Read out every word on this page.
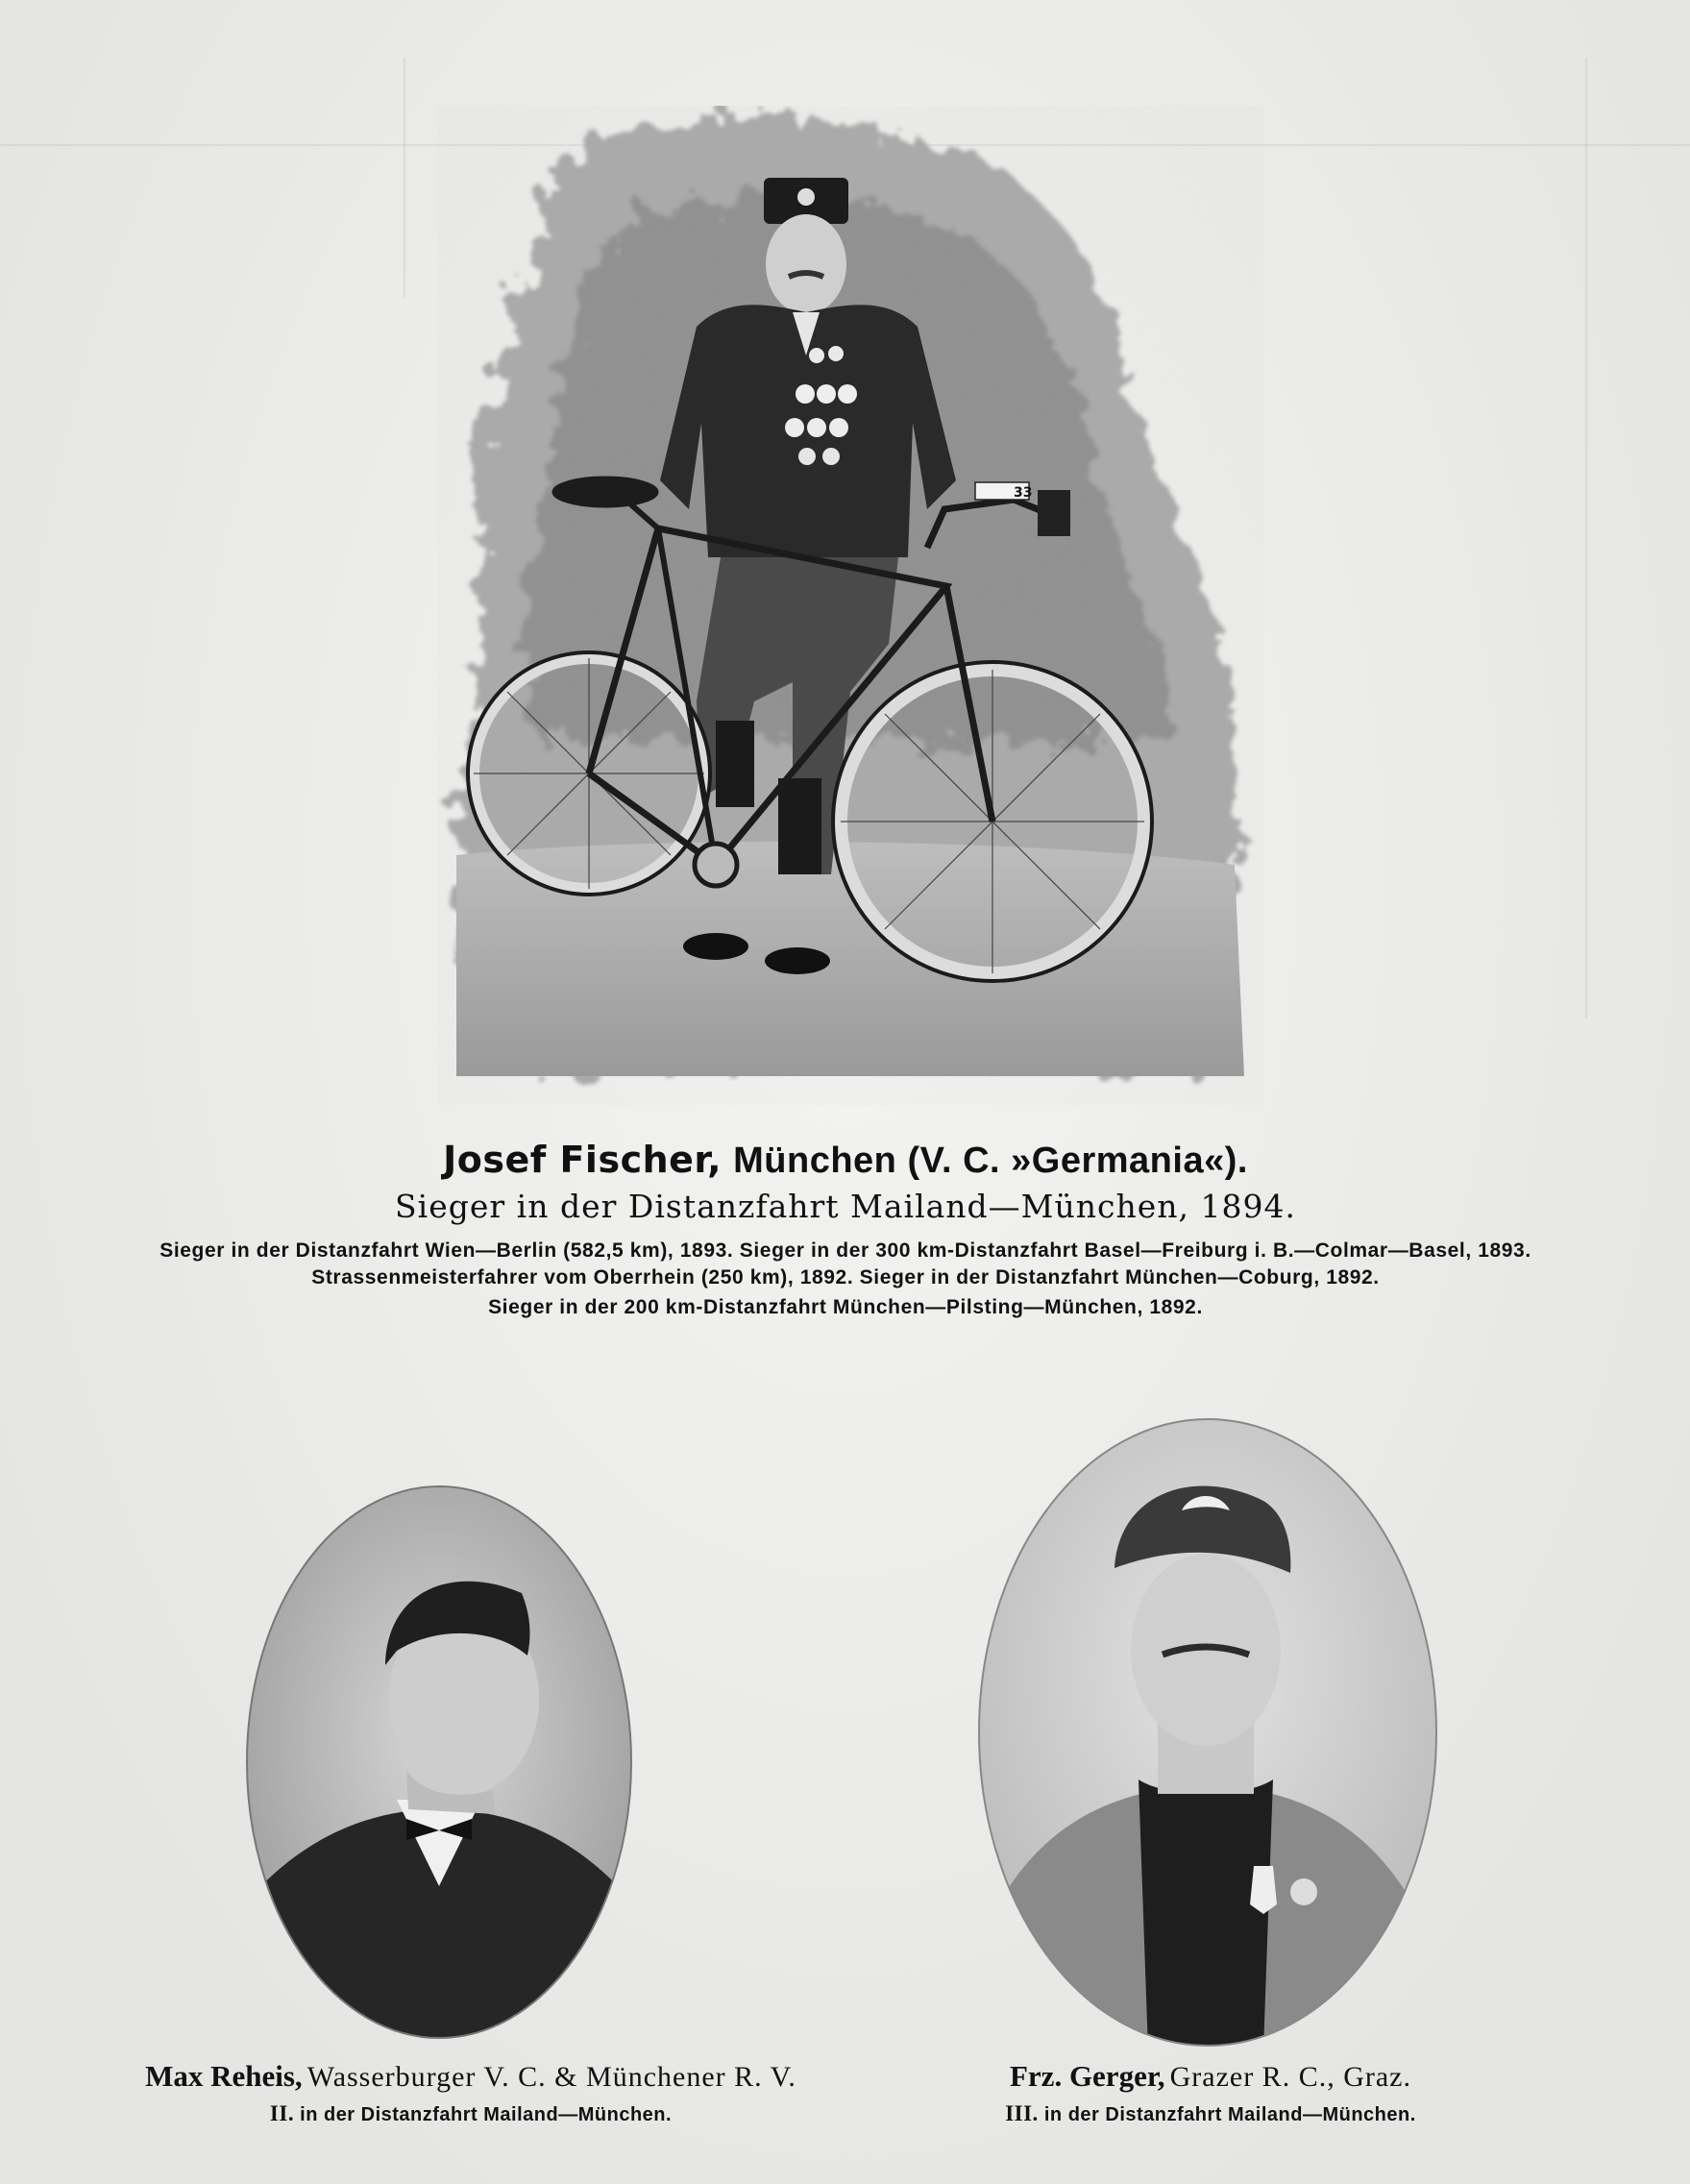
33
Josef Fischer, München (V. C. »Germania«).
Sieger in der Distanzfahrt Mailand—München, 1894.
Sieger in der Distanzfahrt Wien—Berlin (582,5 km), 1893. Sieger in der 300 km-Distanzfahrt Basel—Freiburg i. B.—Colmar—Basel, 1893.
Strassenmeisterfahrer vom Oberrhein (250 km), 1892. Sieger in der Distanzfahrt München—Coburg, 1892.
Sieger in der 200 km-Distanzfahrt München—Pilsting—München, 1892.
Max Reheis, Wasserburger V. C. & Münchener R. V.
II. in der Distanzfahrt Mailand—München.
Frz. Gerger, Grazer R. C., Graz.
III. in der Distanzfahrt Mailand—München.
